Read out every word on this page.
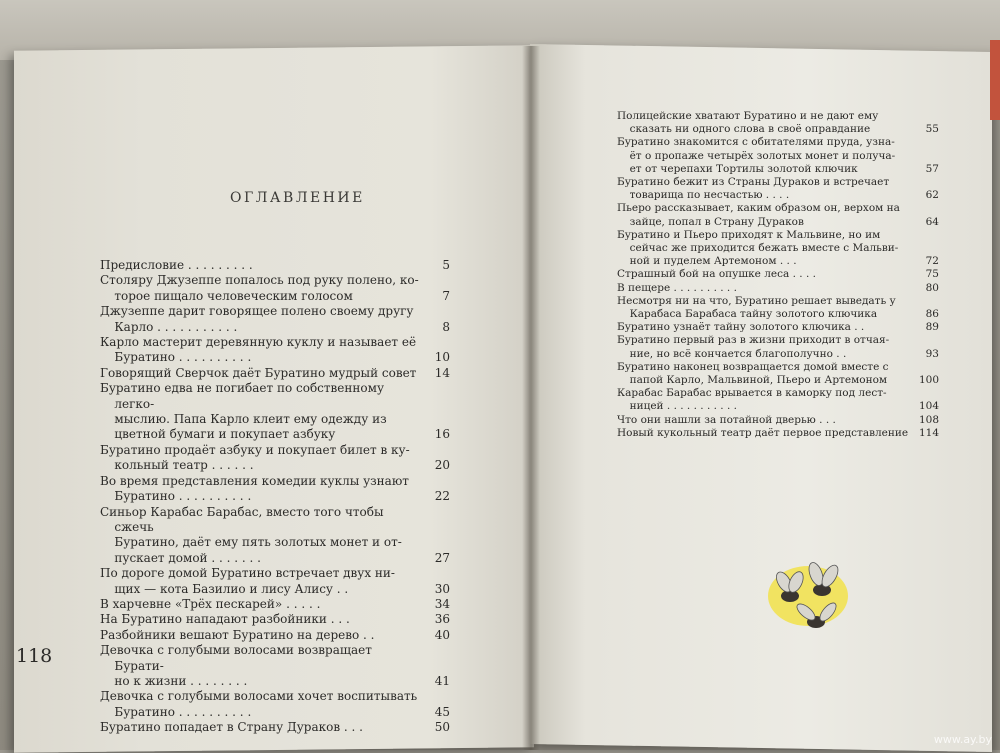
ОГЛАВЛЕНИЕ
Предисловие . . . . . . . . .	5
Столяру Джузеппе попалось под руку полено, ко-
торое пищало человеческим голосом	7
Джузеппе дарит говорящее полено своему другу
Карло . . . . . . . . . . .	8
Карло мастерит деревянную куклу и называет её
Буратино . . . . . . . . . .	10
Говорящий Сверчок даёт Буратино мудрый совет	14
Буратино едва не погибает по собственному легко-
мыслию. Папа Карло клеит ему одежду из
цветной бумаги и покупает азбуку	16
Буратино продаёт азбуку и покупает билет в ку-
кольный театр . . . . . .	20
Во время представления комедии куклы узнают
Буратино . . . . . . . . . .	22
Синьор Карабас Барабас, вместо того чтобы сжечь
Буратино, даёт ему пять золотых монет и от-
пускает домой . . . . . . .	27
По дороге домой Буратино встречает двух ни-
щих — кота Базилио и лису Алису . .	30
В харчевне «Трёх пескарей» . . . . .	34
На Буратино нападают разбойники . . .	36
Разбойники вешают Буратино на дерево . .	40
Девочка с голубыми волосами возвращает Бурати-
но к жизни . . . . . . . .	41
Девочка с голубыми волосами хочет воспитывать
Буратино . . . . . . . . . .	45
Буратино попадает в Страну Дураков . . .	50
Полицейские хватают Буратино и не дают ему
сказать ни одного слова в своё оправдание	55
Буратино знакомится с обитателями пруда, узна-
ёт о пропаже четырёх золотых монет и получа-
ет от черепахи Тортилы золотой ключик	57
Буратино бежит из Страны Дураков и встречает
товарища по несчастью . . . .	62
Пьеро рассказывает, каким образом он, верхом на
зайце, попал в Страну Дураков	64
Буратино и Пьеро приходят к Мальвине, но им
сейчас же приходится бежать вместе с Мальви-
ной и пуделем Артемоном . . .	72
Страшный бой на опушке леса . . . .	75
В пещере . . . . . . . . . .	80
Несмотря ни на что, Буратино решает выведать у
Карабаса Барабаса тайну золотого ключика	86
Буратино узнаёт тайну золотого ключика . .	89
Буратино первый раз в жизни приходит в отчая-
ние, но всё кончается благополучно . .	93
Буратино наконец возвращается домой вместе с
папой Карло, Мальвиной, Пьеро и Артемоном	100
Карабас Барабас врывается в каморку под лест-
ницей . . . . . . . . . . .	104
Что они нашли за потайной дверью . . .	108
Новый кукольный театр даёт первое представление	114
118
www.ay.by
